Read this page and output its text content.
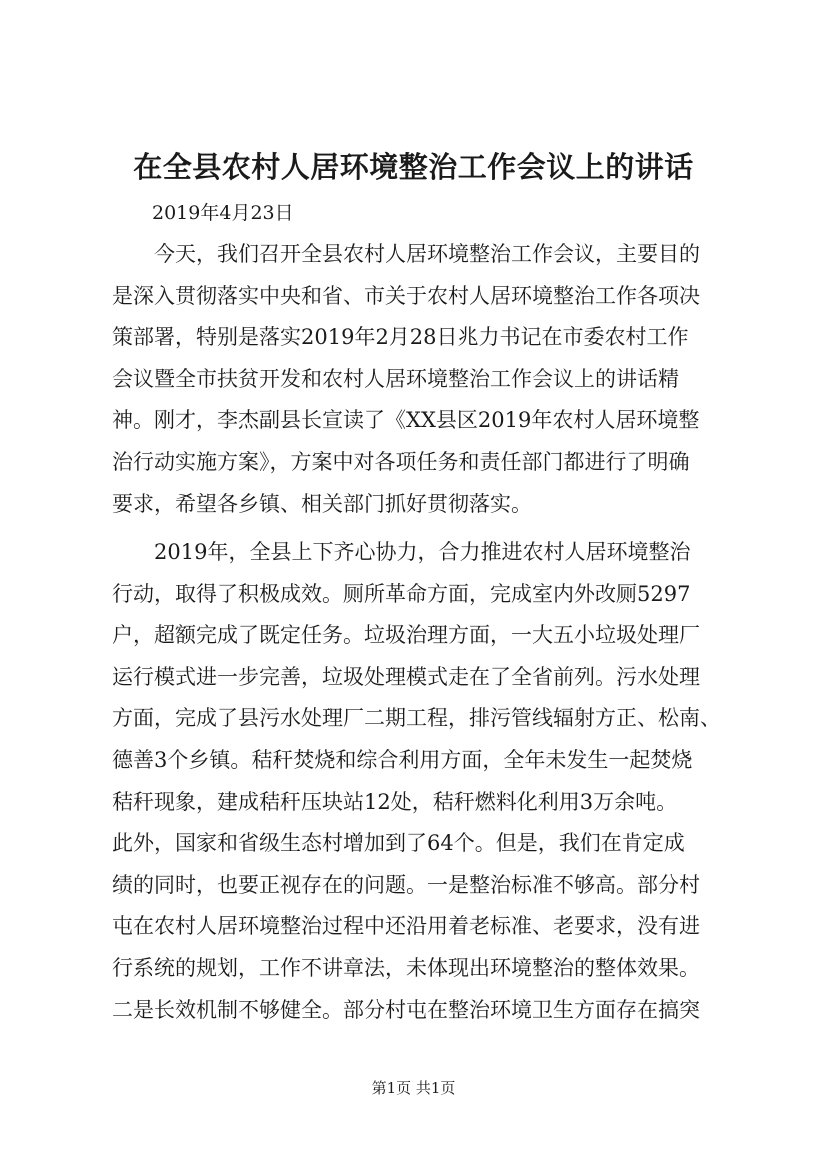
在全县农村人居环境整治工作会议上的讲话
2019年4月23日
　　今天，我们召开全县农村人居环境整治工作会议，主要目的
是深入贯彻落实中央和省、市关于农村人居环境整治工作各项决
策部署，特别是落实2019年2月28日兆力书记在市委农村工作
会议暨全市扶贫开发和农村人居环境整治工作会议上的讲话精
神。刚才，李杰副县长宣读了《XX县区2019年农村人居环境整
治行动实施方案》，方案中对各项任务和责任部门都进行了明确
要求，希望各乡镇、相关部门抓好贯彻落实。
　　2019年，全县上下齐心协力，合力推进农村人居环境整治
行动，取得了积极成效。厕所革命方面，完成室内外改厕5297
户，超额完成了既定任务。垃圾治理方面，一大五小垃圾处理厂
运行模式进一步完善，垃圾处理模式走在了全省前列。污水处理
方面，完成了县污水处理厂二期工程，排污管线辐射方正、松南、
德善3个乡镇。秸秆焚烧和综合利用方面，全年未发生一起焚烧
秸秆现象，建成秸秆压块站12处，秸秆燃料化利用3万余吨。
此外，国家和省级生态村增加到了64个。但是，我们在肯定成
绩的同时，也要正视存在的问题。一是整治标准不够高。部分村
屯在农村人居环境整治过程中还沿用着老标准、老要求，没有进
行系统的规划，工作不讲章法，未体现出环境整治的整体效果。
二是长效机制不够健全。部分村屯在整治环境卫生方面存在搞突
第1页 共1页
